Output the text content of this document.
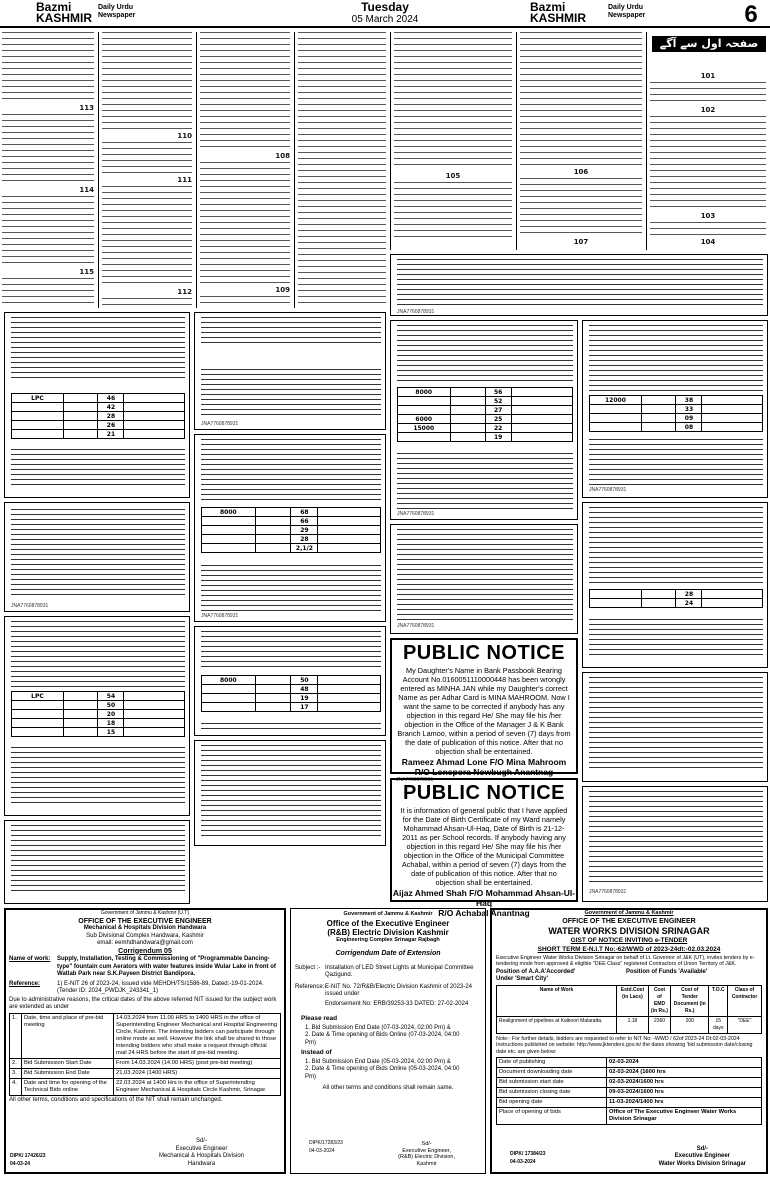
Bazmi KASHMIR
Daily Urdu Newspaper
Tuesday
05 March 2024
Bazmi KASHMIR
Daily Urdu Newspaper	6
113
114
115
110
111
112
108
109
105	106
107
صفحہ اول سے آگے
101
102
103
104
JNA7760878931
LPC		46	
		42	
		28	
		26	
		21	
JNA7760878931
LPC		54	
		50	
		20	
		18	
		15	
JNA7760878931
8000		68	
		66	
		29	
		28	
		2,1/2	
JNA7760878931
8000		50	
		48	
		19	
		17	
8000		56	
		52	
		27	
6000		25	
15000		22	
		19	
JNA7760878931
JNA7760878931
PUBLIC NOTICE
My Daughter's Name in Bank Passbook Bearing Account No.0160051110000448 has been wrongly entered as MINHA JAN while my Daughter's correct Name as per Adhar Card is MINA MAHROOM. Now I want the same to be corrected if anybody has any objection in this regard He/ She may file his /her objection in the Office of the Manager J & K Bank Branch Lamoo, within a period of seven (7) days from the date of publication of this notice. After that no objection shall be entertained.
Rameez Ahmad Lone F/O Mina Mahroom
R/O Lonepora Nowbugh Anantnag
JNA7760878931
PUBLIC NOTICE
It is information of general public that I have applied for the Date of Birth Certificate of my Ward namely Mohammad Ahsan-Ul-Haq, Date of Birth is 21-12-2011 as per School records. If anybody having any objection in this regard He/ She may file his /her objection in the Office of the Municipal Committee Achabal, within a period of seven (7) days from the date of publication of this notice. After that no objection shall be entertained.
Aijaz Ahmed Shah F/O Mohammad Ahsan-Ul-Haq
R/O Achabal Anantnag
12000		38	
		33	
		09	
		08	
JNA7760878931
		28	
		24	
JNA7760878931
Government of Jammu & Kashmir (U.T)
OFFICE OF THE EXECUTIVE ENGINEER
Mechanical & Hospitals Division Handwara
Sub Divisional Complex Handwara, Kashmir
email: eemhdhandwara@gmail.com
Corrigendum 05
Name of work:	Supply, Installation, Testing & Commissioning of "Programmable Dancing-type" fountain cum Aerators with water features inside Wular Lake in front of Watlab Park near S.K.Payeen District Bandipora.
Reference:	1) E-NIT 26 of 2023-24, issued vide MEHDH/TS/1586-89, Dated:-19-01-2024. (Tender ID: 2024_PWDJK_243341_1)
Due to administrative reasons, the critical dates of the above referred NIT issued for the subject work are extended as under
1.	Date, time and place of pre-bid meeting	14.03.2024 from 11.00 HRS to 1400 HRS in the office of Superintending Engineer Mechanical and Hospital Engineering Circle, Kashmir. The intending bidders can participate through online mode as well. However the link shall be shared to those intending bidders who shall make a request through official mail 24 HRS before the start of pre-bid meeting.
2.	Bid Submission Start Date	From 14.03.2024 (14.00 HRS) (post pre-bid meeting)
3.	Bid Submission End Date	21.03.2024 (1400 HRS)
4.	Date and time for opening of the Technical Bids online	22.03.2024 at 1400 Hrs in the office of Superintending Engineer Mechanical & Hospitals Circle Kashmir, Srinagar.
All other terms, conditions and specifications of the NIT shall remain unchanged.
DIPK/ 17426/23
04-03-24
Sd/-
Executive Engineer
Mechanical & Hospitals Division
Handwara
Government of Jammu & Kashmir
Office of the Executive Engineer
(R&B) Electric Division Kashmir
Engineering Complex Srinagar Rajbagh
Corrigendum Date of Extension
Subject :- Installation of LED Street Lights at Municipal Committee Qazigund.
Reference:-
E-NIT No. 72/R&B/Electric Division Kashmir of 2023-24 issued under
Endorsement No: ERB/39253-33 DATED: 27-02-2024
Please read
1. Bid Submission End Date (07-03-2024, 02:00 Pm) &
2. Date & Time opening of Bids Online (07-03-2024, 04:00 Pm)
Instead of
1. Bid Submission End Date (05-03-2024, 02:00 Pm) &
2. Date & Time opening of Bids Online (05-03-2024, 04:00 Pm)
All other terms and conditions shall remain same.
DIPK/17283/23
04-03-2024
Sd/-
Executive Engineer,
(R&B) Electric Division,
Kashmir
Government of Jammu & Kashmir
OFFICE OF THE EXECUTIVE ENGINEER
WATER WORKS DIVISION SRINAGAR
GIST OF NOTICE INVITING e-TENDER
SHORT TERM E-N.I.T No:-62/WWD of 2023-24dt:-02.03.2024
Executive Engineer Water Works Division Srinagar on behalf of Lt. Governor of J&K (UT), invites tenders by e-tendering mode from approved & eligible "DEE Class" registered Contractors of Union Territory of J&K.
Position of A.A.A'Accorded'	Position of Funds 'Available'
Under 'Smart City'
Name of Work	Estd.Cost (in Lacs)	Cost of EMD (in Rs.)	Cost of Tender Document (in Rs.)	T.O.C	Class of Contractor
Realignment of pipelines at Kalkoori Malaratta.	1.18	2360	200	15 days	"DEE"
Note:- For further details, bidders are requested to refer to NIT No: -WWD / 62of 2023-24 Dt:02-03-2024 Instructions published on website: http://www.jktenders.gov.in/ the dates showing 'bid submission date/closing date etc. are given below:
Date of publishing	02-03-2024
Document downloading date	02-03-2024 (1600 hrs
Bid submission start date	02-03-2024/1600 hrs
Bid submission closing date	09-03-2024/1600 hrs
Bid opening date	11-03-2024/1400 hrs
Place of opening of bids	Office of The Executive Engineer Water Works Division Srinagar
DIPK/ 17384/23
04-03-2024
Sd/-
Executive Engineer
Water Works Division Srinagar
